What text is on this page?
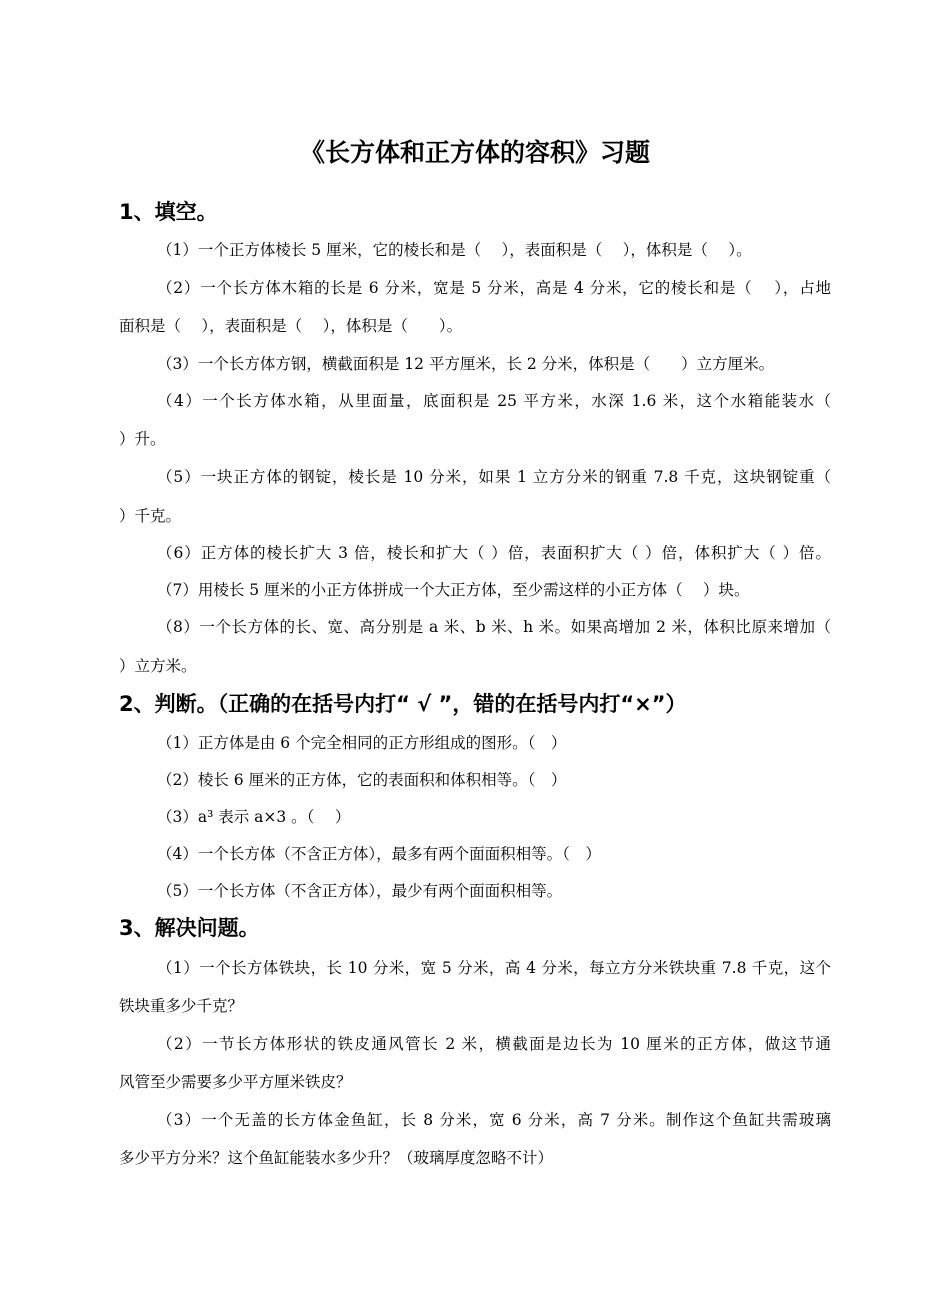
《长方体和正方体的容积》习题
1、填空。
（1）一个正方体棱长 5 厘米，它的棱长和是（　 ），表面积是（　 ），体积是（　 ）。
（2）一个长方体木箱的长是 6 分米，宽是 5 分米，高是 4 分米，它的棱长和是（　 ），占地
面积是（　 ），表面积是（　 ），体积是（　　）。
（3）一个长方体方钢，横截面积是 12 平方厘米，长 2 分米，体积是（　　）立方厘米。
（4）一个长方体水箱，从里面量，底面积是 25 平方米，水深 1.6 米，这个水箱能装水（
）升。
（5）一块正方体的钢锭，棱长是 10 分米，如果 1 立方分米的钢重 7.8 千克，这块钢锭重（
）千克。
（6）正方体的棱长扩大 3 倍，棱长和扩大（ ）倍，表面积扩大（ ）倍，体积扩大（ ）倍。
（7）用棱长 5 厘米的小正方体拼成一个大正方体，至少需这样的小正方体（　 ）块。
（8）一个长方体的长、宽、高分别是 a 米、b 米、h 米。如果高增加 2 米，体积比原来增加（
）立方米。
2、判断。（正确的在括号内打“ √ ”，错的在括号内打“×”）
（1）正方体是由 6 个完全相同的正方形组成的图形。（　）
（2）棱长 6 厘米的正方体，它的表面积和体积相等。（　）
（3）a³ 表示 a×3 。（　 ）
（4）一个长方体（不含正方体），最多有两个面面积相等。（　）
（5）一个长方体（不含正方体），最少有两个面面积相等。
3、解决问题。
（1）一个长方体铁块，长 10 分米，宽 5 分米，高 4 分米，每立方分米铁块重 7.8 千克，这个
铁块重多少千克？
（2）一节长方体形状的铁皮通风管长 2 米，横截面是边长为 10 厘米的正方体，做这节通
风管至少需要多少平方厘米铁皮？
（3）一个无盖的长方体金鱼缸，长 8 分米，宽 6 分米，高 7 分米。制作这个鱼缸共需玻璃
多少平方分米？这个鱼缸能装水多少升？（玻璃厚度忽略不计）
